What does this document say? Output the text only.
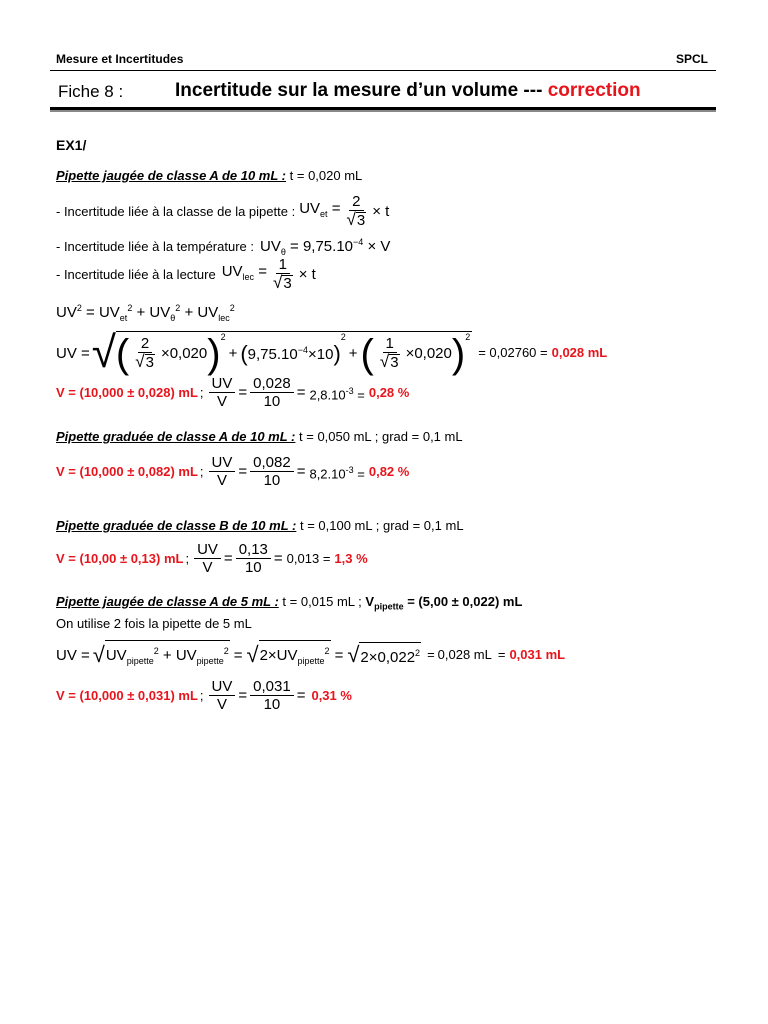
Mesure et Incertitudes	SPCL
Fiche 8 :	Incertitude sur la mesure d’un volume --- correction
EX1/
Pipette jaugée de classe A de 10 mL : t = 0,020 mL
- Incertitude liée à la classe de la pipette : $UV_{et} = \frac{2}{√3} \times t$
- Incertitude liée à la température : $UV_\theta = 9,75.10^{-4} \times V$
- Incertitude liée à la lecture $UV_{lec} = \frac{1}{√3} \times t$
$UV^2 = UV_{et}^2 + UV_\theta^2 + UV_{lec}^2$
UV = √ ( $\frac{2}{√3} \times 0,020$ )$^2$
+ ( $9,75.10^{-4}\times 10$ )
$^2$
+ ( $\frac{1}{√3} \times 0,020$ )$^2$
= 0,02760 = 0,028 mL
V = (10,000 ± 0,028) mL ; $\frac{UV}{V} = \frac{0,028}{10} = 2,8.10^{-3} = 0,28$ %
Pipette graduée de classe A de 10 mL : t = 0,050 mL ; grad = 0,1 mL
V = (10,000 ± 0,082) mL ; $\frac{UV}{V} = \frac{0,082}{10} = 8,2.10^{-3} = 0,82$ %
Pipette graduée de classe B de 10 mL : t = 0,100 mL ; grad = 0,1 mL
V = (10,00 ± 0,13) mL ; $\frac{UV}{V} = \frac{0,13}{10} = 0,013 = 1,3$ %
Pipette jaugée de classe A de 5 mL : t = 0,015 mL ; $V_{pipette} = (5,00 \pm 0,022)$ mL
On utilise 2 fois la pipette de 5 mL
UV = √ $UV_{pipette}^2 + UV_{pipette}^2$ = √ $2\times UV_{pipette}^2$ = √ $2\times 0,022^2 = 0,028$ mL = 0,031 mL
V = (10,000 ± 0,031) mL ; $\frac{UV}{V} = \frac{0,031}{10} = 0,31$ %
